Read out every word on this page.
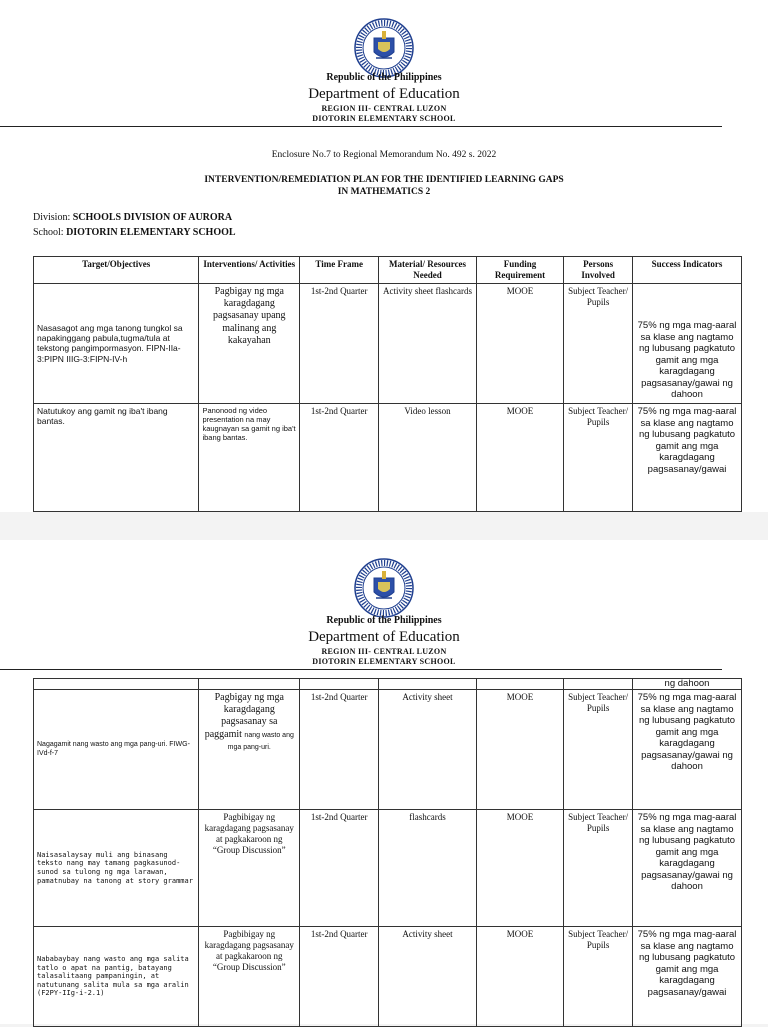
Republic of the Philippines
Department of Education
REGION III- CENTRAL LUZON
DIOTORIN ELEMENTARY SCHOOL
Enclosure No.7 to Regional Memorandum No. 492 s. 2022
INTERVENTION/REMEDIATION PLAN FOR THE IDENTIFIED LEARNING GAPS
IN MATHEMATICS 2
Division: SCHOOLS DIVISION OF AURORA
School: DIOTORIN ELEMENTARY SCHOOL
Target/Objectives	Interventions/ Activities	Time Frame	Material/ Resources Needed	Funding Requirement	Persons Involved	Success Indicators
Nasasagot ang mga tanong tungkol sa napakinggang pabula,tugma/tula at tekstong pangimpormasyon. FIPN-IIa-3:PIPN IIIG-3:FIPN-IV-h	Pagbigay ng mga karagdagang pagsasanay upang malinang ang kakayahan	1st-2nd Quarter	Activity sheet flashcards	MOOE	Subject Teacher/ Pupils	75% ng mga mag-aaral sa klase ang nagtamo ng lubusang pagkatuto gamit ang mga karagdagang pagsasanay/gawai ng dahoon
Natutukoy ang gamit ng iba't ibang bantas.	Panonood ng video presentation na may kaugnayan sa gamit ng iba't ibang bantas.	1st-2nd Quarter	Video lesson	MOOE	Subject Teacher/ Pupils	75% ng mga mag-aaral sa klase ang nagtamo ng lubusang pagkatuto gamit ang mga karagdagang pagsasanay/gawai
Republic of the Philippines
Department of Education
REGION III- CENTRAL LUZON
DIOTORIN ELEMENTARY SCHOOL
						ng dahoon
Nagagamit nang wasto ang mga pang-uri. FIWG-IVd-f-7	Pagbigay ng mga karagdagang pagsasanay sa paggamit nang wasto ang mga pang-uri.	1st-2nd Quarter	Activity sheet	MOOE	Subject Teacher/ Pupils	75% ng mga mag-aaral sa klase ang nagtamo ng lubusang pagkatuto gamit ang mga karagdagang pagsasanay/gawai ng dahoon
Naisasalaysay muli ang binasang teksto nang may tamang pagkasunod-sunod sa tulong ng mga larawan, pamatnubay na tanong at story grammar	Pagbibigay ng karagdagang pagsasanay at pagkakaroon ng “Group Discussion”	1st-2nd Quarter	flashcards	MOOE	Subject Teacher/ Pupils	75% ng mga mag-aaral sa klase ang nagtamo ng lubusang pagkatuto gamit ang mga karagdagang pagsasanay/gawai ng dahoon
Nababaybay nang wasto ang mga salita tatlo o apat na pantig, batayang talasalitaang pampaningin, at natutunang salita mula sa mga aralin (F2PY-IIg-i-2.1)	Pagbibigay ng karagdagang pagsasanay at pagkakaroon ng “Group Discussion”	1st-2nd Quarter	Activity sheet	MOOE	Subject Teacher/ Pupils	75% ng mga mag-aaral sa klase ang nagtamo ng lubusang pagkatuto gamit ang mga karagdagang pagsasanay/gawai
